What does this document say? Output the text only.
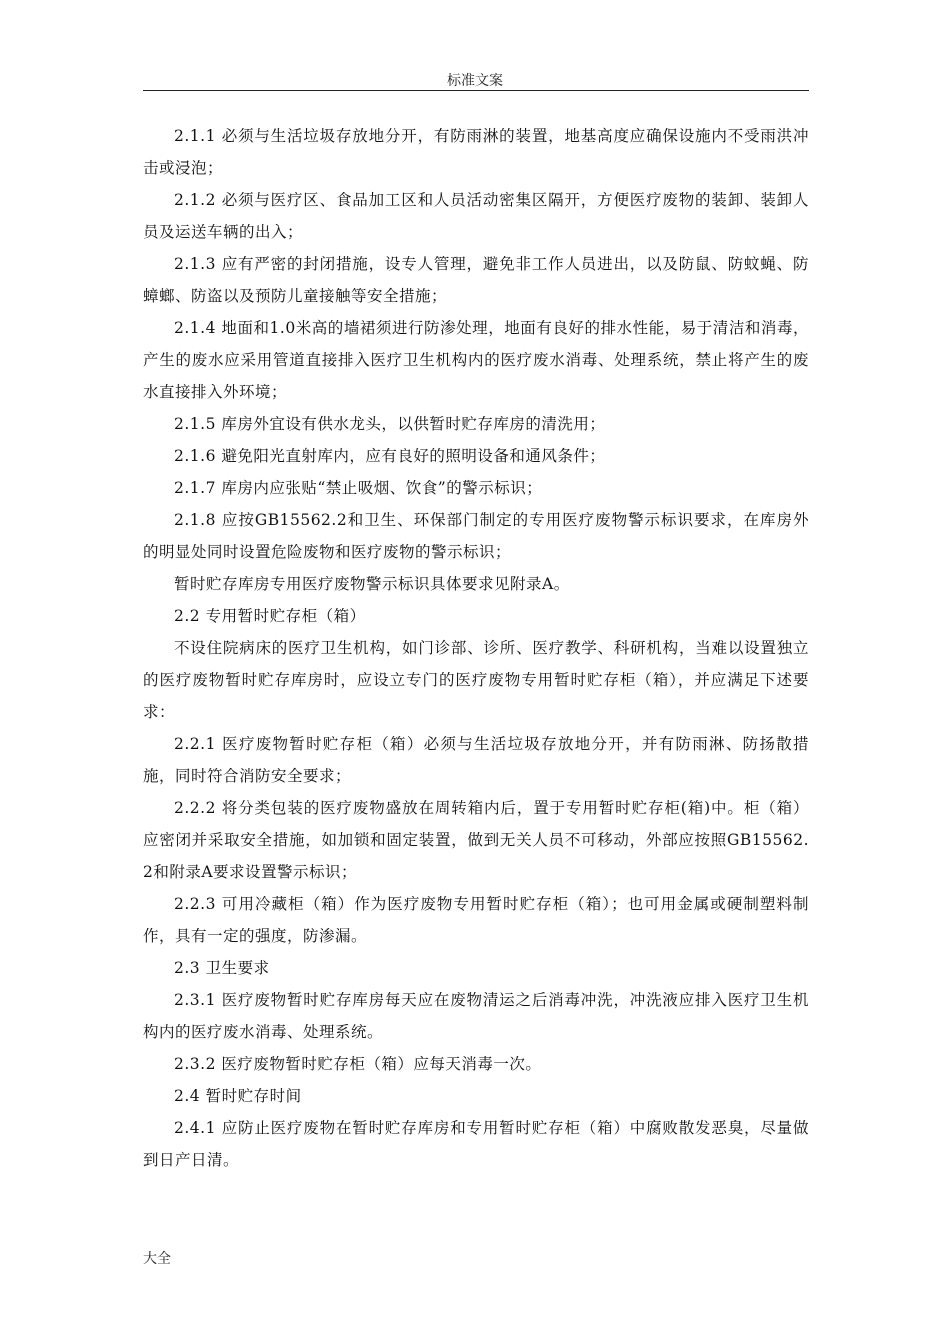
标准文案

2.1.1 必须与生活垃圾存放地分开，有防雨淋的装置，地基高度应确保设施内不受雨洪冲击或浸泡；

2.1.2 必须与医疗区、食品加工区和人员活动密集区隔开，方便医疗废物的装卸、装卸人员及运送车辆的出入；

2.1.3 应有严密的封闭措施，设专人管理，避免非工作人员进出，以及防鼠、防蚊蝇、防蟑螂、防盗以及预防儿童接触等安全措施；

2.1.4 地面和1.0米高的墙裙须进行防渗处理，地面有良好的排水性能，易于清洁和消毒，产生的废水应采用管道直接排入医疗卫生机构内的医疗废水消毒、处理系统，禁止将产生的废水直接排入外环境；

2.1.5 库房外宜设有供水龙头，以供暂时贮存库房的清洗用；

2.1.6 避免阳光直射库内，应有良好的照明设备和通风条件；

2.1.7 库房内应张贴“禁止吸烟、饮食”的警示标识；

2.1.8 应按GB15562.2和卫生、环保部门制定的专用医疗废物警示标识要求，在库房外的明显处同时设置危险废物和医疗废物的警示标识；

暂时贮存库房专用医疗废物警示标识具体要求见附录A。

2.2 专用暂时贮存柜（箱）

不设住院病床的医疗卫生机构，如门诊部、诊所、医疗教学、科研机构，当难以设置独立的医疗废物暂时贮存库房时，应设立专门的医疗废物专用暂时贮存柜（箱），并应满足下述要求：

2.2.1 医疗废物暂时贮存柜（箱）必须与生活垃圾存放地分开，并有防雨淋、防扬散措施，同时符合消防安全要求；

2.2.2 将分类包装的医疗废物盛放在周转箱内后，置于专用暂时贮存柜(箱)中。柜（箱）应密闭并采取安全措施，如加锁和固定装置，做到无关人员不可移动，外部应按照GB15562.2和附录A要求设置警示标识；

2.2.3 可用冷藏柜（箱）作为医疗废物专用暂时贮存柜（箱）；也可用金属或硬制塑料制作，具有一定的强度，防渗漏。

2.3 卫生要求

2.3.1 医疗废物暂时贮存库房每天应在废物清运之后消毒冲洗，冲洗液应排入医疗卫生机构内的医疗废水消毒、处理系统。

2.3.2 医疗废物暂时贮存柜（箱）应每天消毒一次。

2.4 暂时贮存时间

2.4.1 应防止医疗废物在暂时贮存库房和专用暂时贮存柜（箱）中腐败散发恶臭，尽量做到日产日清。

大全
